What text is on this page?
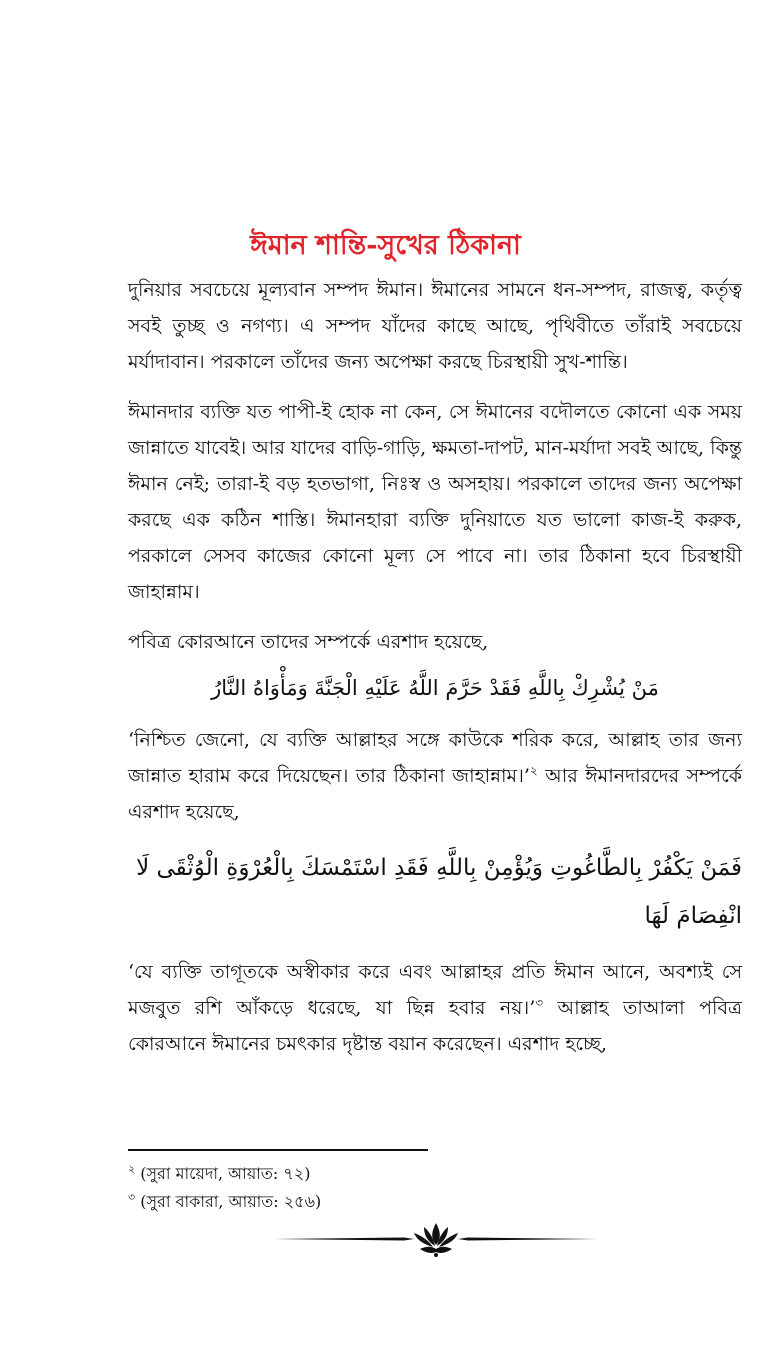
ঈমান শান্তি-সুখের ঠিকানা

দুনিয়ার সবচেয়ে মূল্যবান সম্পদ ঈমান। ঈমানের সামনে ধন-সম্পদ, রাজত্ব, কর্তৃত্ব সবই তুচ্ছ ও নগণ্য। এ সম্পদ যাঁদের কাছে আছে, পৃথিবীতে তাঁরাই সবচেয়ে মর্যাদাবান। পরকালে তাঁদের জন্য অপেক্ষা করছে চিরস্থায়ী সুখ-শান্তি।

ঈমানদার ব্যক্তি যত পাপী-ই হোক না কেন, সে ঈমানের বদৌলতে কোনো এক সময় জান্নাতে যাবেই। আর যাদের বাড়ি-গাড়ি, ক্ষমতা-দাপট, মান-মর্যাদা সবই আছে, কিন্তু ঈমান নেই; তারা-ই বড় হতভাগা, নিঃস্ব ও অসহায়। পরকালে তাদের জন্য অপেক্ষা করছে এক কঠিন শাস্তি। ঈমানহারা ব্যক্তি দুনিয়াতে যত ভালো কাজ-ই করুক, পরকালে সেসব কাজের কোনো মূল্য সে পাবে না। তার ঠিকানা হবে চিরস্থায়ী জাহান্নাম।

পবিত্র কোরআনে তাদের সম্পর্কে এরশাদ হয়েছে,

مَنْ يُشْرِكْ بِاللَّهِ فَقَدْ حَرَّمَ اللَّهُ عَلَيْهِ الْجَنَّةَ وَمَأْوَاهُ النَّارُ

‘নিশ্চিত জেনো, যে ব্যক্তি আল্লাহর সঙ্গে কাউকে শরিক করে, আল্লাহ তার জন্য জান্নাত হারাম করে দিয়েছেন। তার ঠিকানা জাহান্নাম।’$^২$ আর ঈমানদারদের সম্পর্কে এরশাদ হয়েছে,

فَمَنْ يَكْفُرْ بِالطَّاغُوتِ وَيُؤْمِنْ بِاللَّهِ فَقَدِ اسْتَمْسَكَ بِالْعُرْوَةِ الْوُثْقَى لَا انْفِصَامَ لَهَا

‘যে ব্যক্তি তাগূতকে অস্বীকার করে এবং আল্লাহর প্রতি ঈমান আনে, অবশ্যই সে মজবুত রশি আঁকড়ে ধরেছে, যা ছিন্ন হবার নয়।’$^৩$ আল্লাহ তাআলা পবিত্র কোরআনে ঈমানের চমৎকার দৃষ্টান্ত বয়ান করেছেন। এরশাদ হচ্ছে,

$^২$ (সুরা মায়েদা, আয়াত: ৭২)
$^৩$ (সুরা বাকারা, আয়াত: ২৫৬)
